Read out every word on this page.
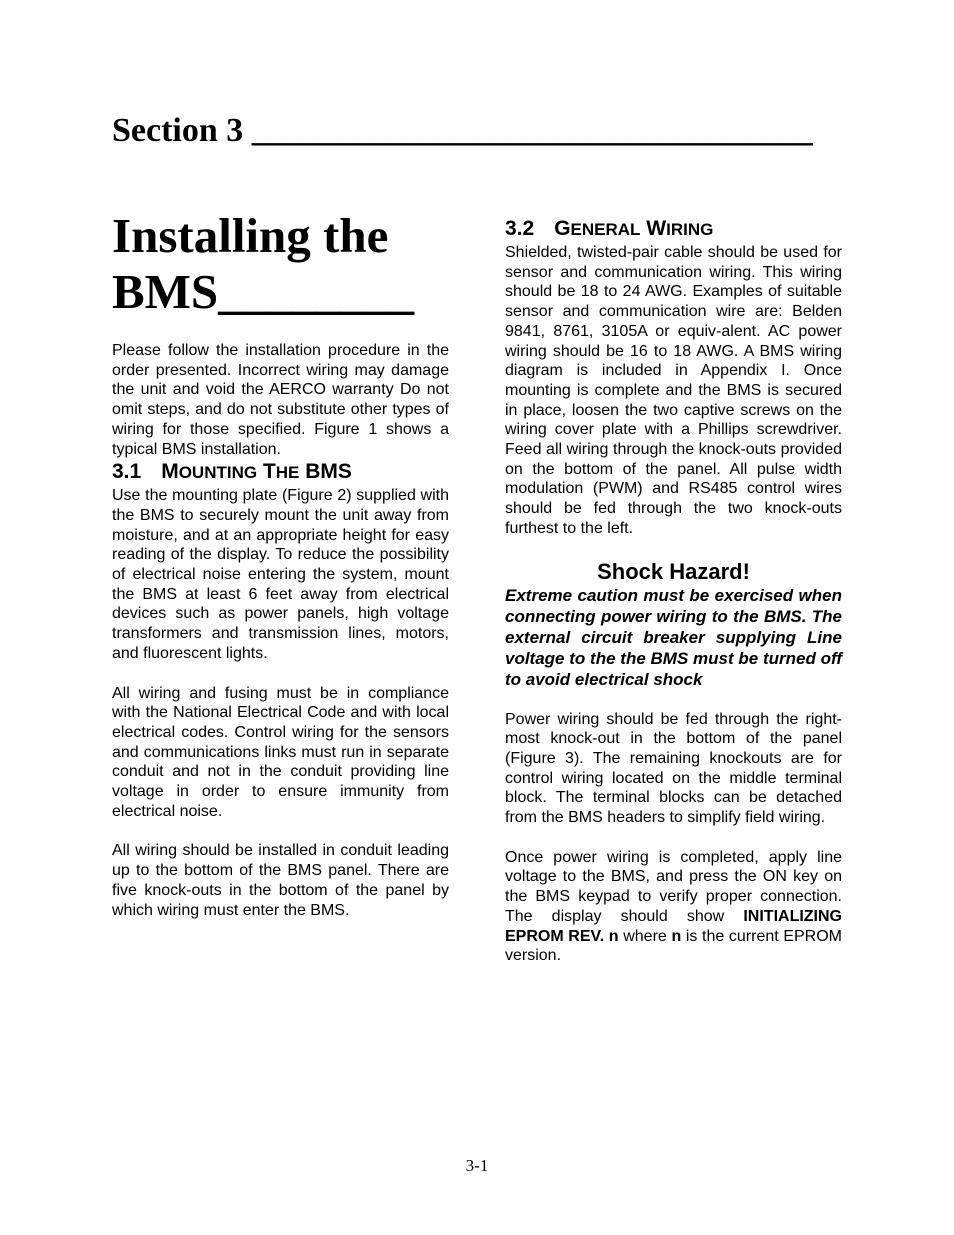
Section 3 _________________________________
Installing the
BMS________

Please follow the installation procedure in the order presented. Incorrect wiring may damage the unit and void the AERCO warranty Do not omit steps, and do not substitute other types of wiring for those specified. Figure 1 shows a typical BMS installation.

3.1 MOUNTING THE BMS

Use the mounting plate (Figure 2) supplied with the BMS to securely mount the unit away from moisture, and at an appropriate height for easy reading of the display. To reduce the possibility of electrical noise entering the system, mount the BMS at least 6 feet away from electrical devices such as power panels, high voltage transformers and transmission lines, motors, and fluorescent lights.

All wiring and fusing must be in compliance with the National Electrical Code and with local electrical codes. Control wiring for the sensors and communications links must run in separate conduit and not in the conduit providing line voltage in order to ensure immunity from electrical noise.

All wiring should be installed in conduit leading up to the bottom of the BMS panel. There are five knock-outs in the bottom of the panel by which wiring must enter the BMS.

3.2 GENERAL WIRING

Shielded, twisted-pair cable should be used for sensor and communication wiring. This wiring should be 18 to 24 AWG. Examples of suitable sensor and communication wire are: Belden 9841, 8761, 3105A or equiv-alent. AC power wiring should be 16 to 18 AWG. A BMS wiring diagram is included in Appendix I. Once mounting is complete and the BMS is secured in place, loosen the two captive screws on the wiring cover plate with a Phillips screwdriver. Feed all wiring through the knock-outs provided on the bottom of the panel. All pulse width modulation (PWM) and RS485 control wires should be fed through the two knock-outs furthest to the left.

Shock Hazard!

Extreme caution must be exercised when connecting power wiring to the BMS. The external circuit breaker supplying Line voltage to the the BMS must be turned off to avoid electrical shock

Power wiring should be fed through the right-most knock-out in the bottom of the panel (Figure 3). The remaining knockouts are for control wiring located on the middle terminal block. The terminal blocks can be detached from the BMS headers to simplify field wiring.

Once power wiring is completed, apply line voltage to the BMS, and press the ON key on the BMS keypad to verify proper connection. The display should show INITIALIZING EPROM REV. n where n is the current EPROM version.

3-1
